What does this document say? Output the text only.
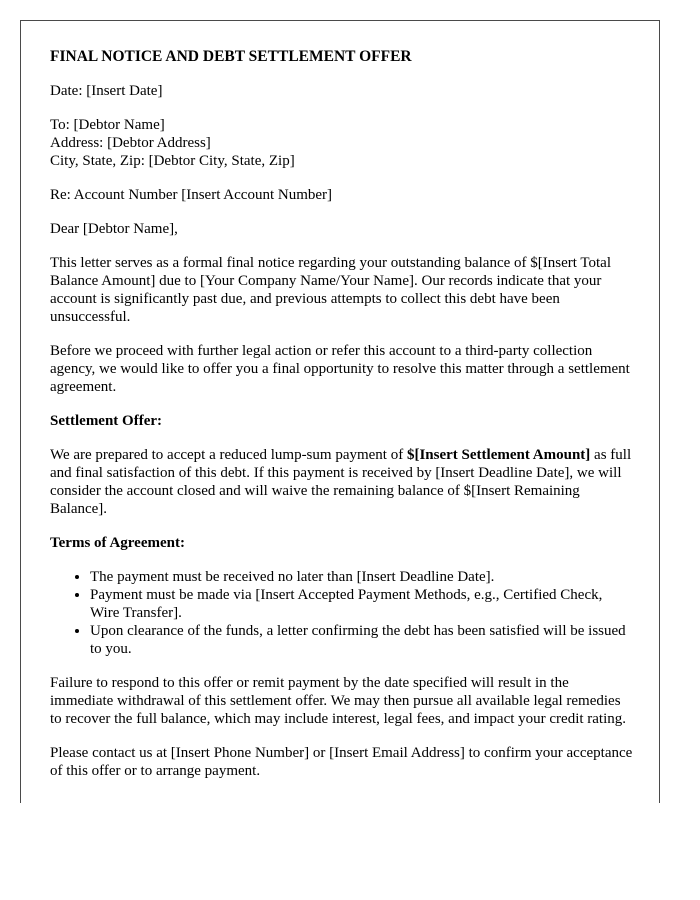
FINAL NOTICE AND DEBT SETTLEMENT OFFER

Date: [Insert Date]

To: [Debtor Name]
Address: [Debtor Address]
City, State, Zip: [Debtor City, State, Zip]

Re: Account Number [Insert Account Number]

Dear [Debtor Name],

This letter serves as a formal final notice regarding your outstanding balance of $[Insert Total Balance Amount] due to [Your Company Name/Your Name]. Our records indicate that your account is significantly past due, and previous attempts to collect this debt have been unsuccessful.

Before we proceed with further legal action or refer this account to a third-party collection agency, we would like to offer you a final opportunity to resolve this matter through a settlement agreement.

Settlement Offer:

We are prepared to accept a reduced lump-sum payment of $[Insert Settlement Amount] as full and final satisfaction of this debt. If this payment is received by [Insert Deadline Date], we will consider the account closed and will waive the remaining balance of $[Insert Remaining Balance].

Terms of Agreement:
• The payment must be received no later than [Insert Deadline Date].
• Payment must be made via [Insert Accepted Payment Methods, e.g., Certified Check, Wire Transfer].
• Upon clearance of the funds, a letter confirming the debt has been satisfied will be issued to you.

Failure to respond to this offer or remit payment by the date specified will result in the immediate withdrawal of this settlement offer. We may then pursue all available legal remedies to recover the full balance, which may include interest, legal fees, and impact your credit rating.

Please contact us at [Insert Phone Number] or [Insert Email Address] to confirm your acceptance of this offer or to arrange payment.
